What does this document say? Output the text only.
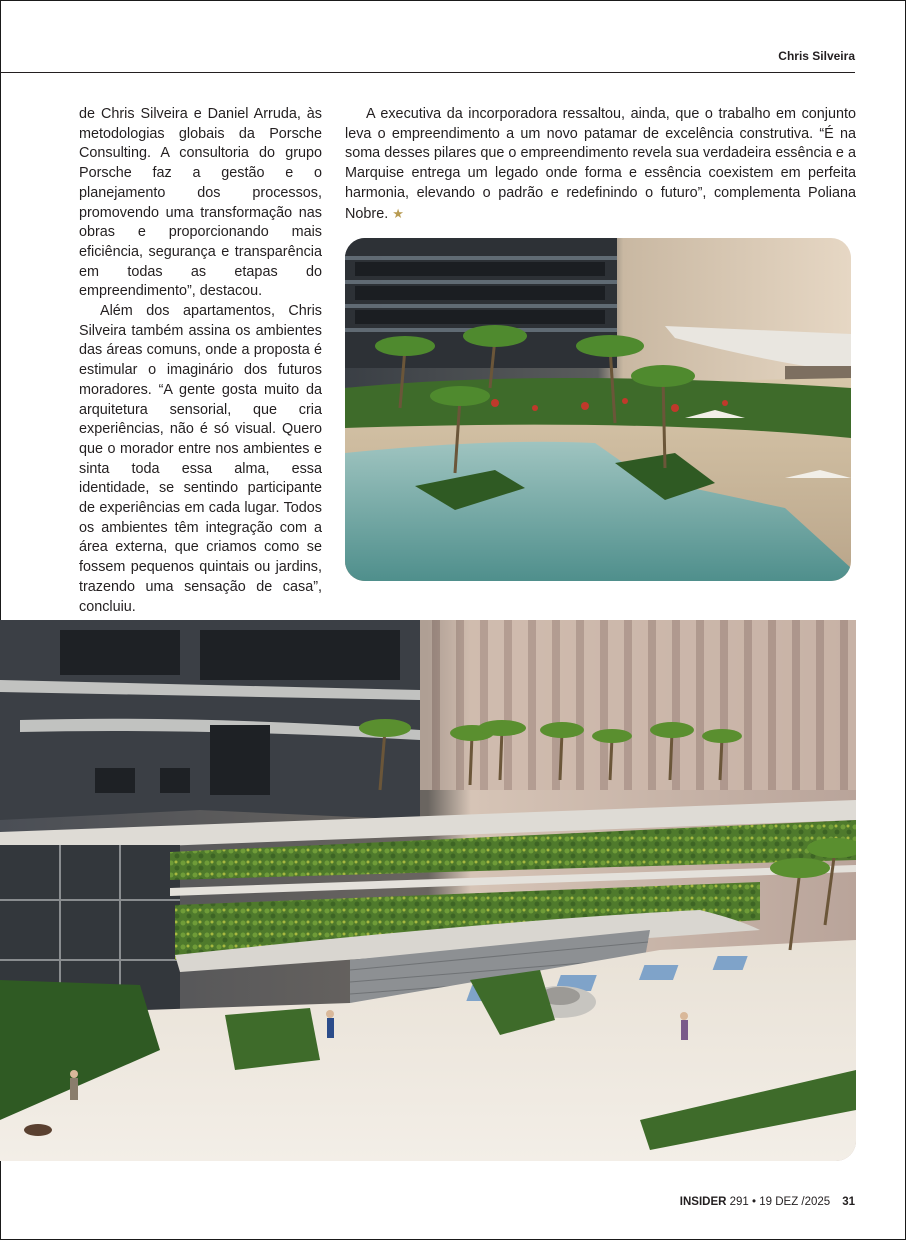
Chris Silveira

de Chris Silveira e Daniel Arruda, às metodologias globais da Porsche Consulting. A consultoria do grupo Porsche faz a gestão e o planejamento dos processos, promovendo uma transformação nas obras e proporcionando mais eficiência, segurança e transparência em todas as etapas do empreendimento”, destacou.

Além dos apartamentos, Chris Silveira também assina os ambientes das áreas comuns, onde a proposta é estimular o imaginário dos futuros moradores. “A gente gosta muito da arquitetura sensorial, que cria experiências, não é só visual. Quero que o morador entre nos ambientes e sinta toda essa alma, essa identidade, se sentindo participante de experiências em cada lugar. Todos os ambientes têm integração com a área externa, que criamos como se fossem pequenos quintais ou jardins, trazendo uma sensação de casa”, concluiu.

A executiva da incorporadora ressaltou, ainda, que o trabalho em conjunto leva o empreendimento a um novo patamar de excelência construtiva. “É na soma desses pilares que o empreendimento revela sua verdadeira essência e a Marquise entrega um legado onde forma e essência coexistem em perfeita harmonia, elevando o padrão e redefinindo o futuro”, complementa Poliana Nobre. ★

INSIDER 291 • 19 DEZ /2025 31
